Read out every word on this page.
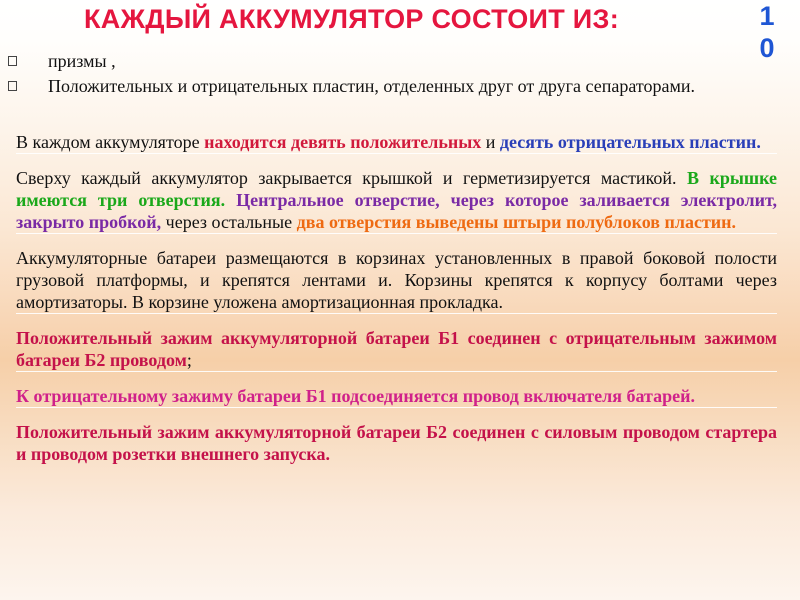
КАЖДЫЙ АККУМУЛЯТОР СОСТОИТ ИЗ:	1
0
призмы ,
Положительных и отрицательных пластин, отделенных друг от друга сепараторами.
В каждом аккумуляторе находится девять положительных и десять отрицательных пластин.
Сверху каждый аккумулятор закрывается крышкой и герметизируется мастикой. В крышке имеются три отверстия. Центральное отверстие, через которое заливается электролит, закрыто пробкой, через остальные два отверстия выведены штыри полублоков пластин.
Аккумуляторные батареи размещаются в корзинах установленных в правой боковой полости грузовой платформы, и крепятся лентами и. Корзины крепятся к корпусу болтами через амортизаторы. В корзине уложена амортизационная прокладка.
Положительный зажим аккумуляторной батареи Б1 соединен с отрицательным зажимом батареи Б2 проводом;
К отрицательному зажиму батареи Б1 подсоединяется провод включателя батарей.
Положительный зажим аккумуляторной батареи Б2 соединен с силовым проводом стартера и проводом розетки внешнего запуска.
